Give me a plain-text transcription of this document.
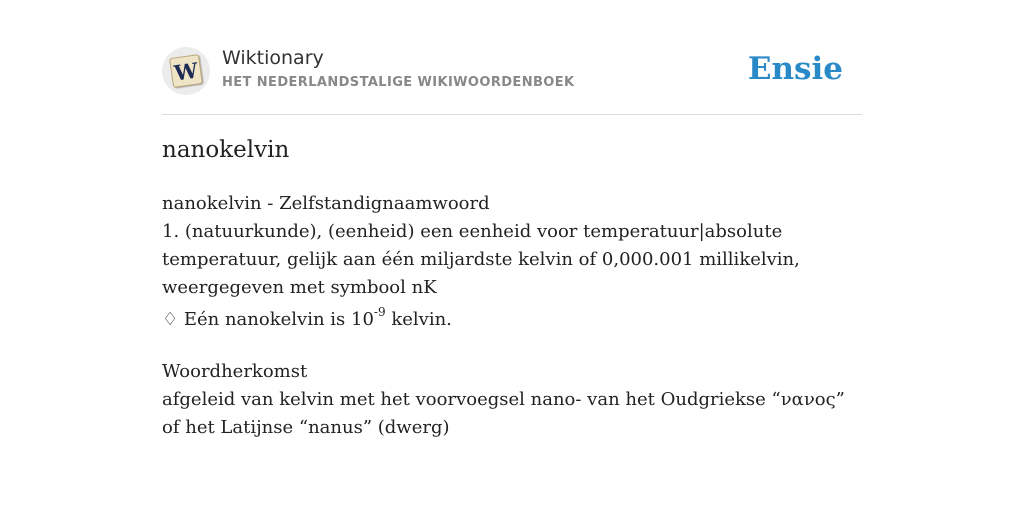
W Wiktionary
HET NEDERLANDSTALIGE WIKIWOORDENBOEK	Ensie
nanokelvin

nanokelvin - Zelfstandignaamwoord

1. (natuurkunde), (eenheid) een eenheid voor temperatuur|absolute temperatuur, gelijk aan één miljardste kelvin of 0,000.001 millikelvin, weergegeven met symbool nK

♢ Eén nanokelvin is $10^{-9}$ kelvin.

Woordherkomst

afgeleid van kelvin met het voorvoegsel nano- van het Oudgriekse “νανος” of het Latijnse “nanus” (dwerg)
